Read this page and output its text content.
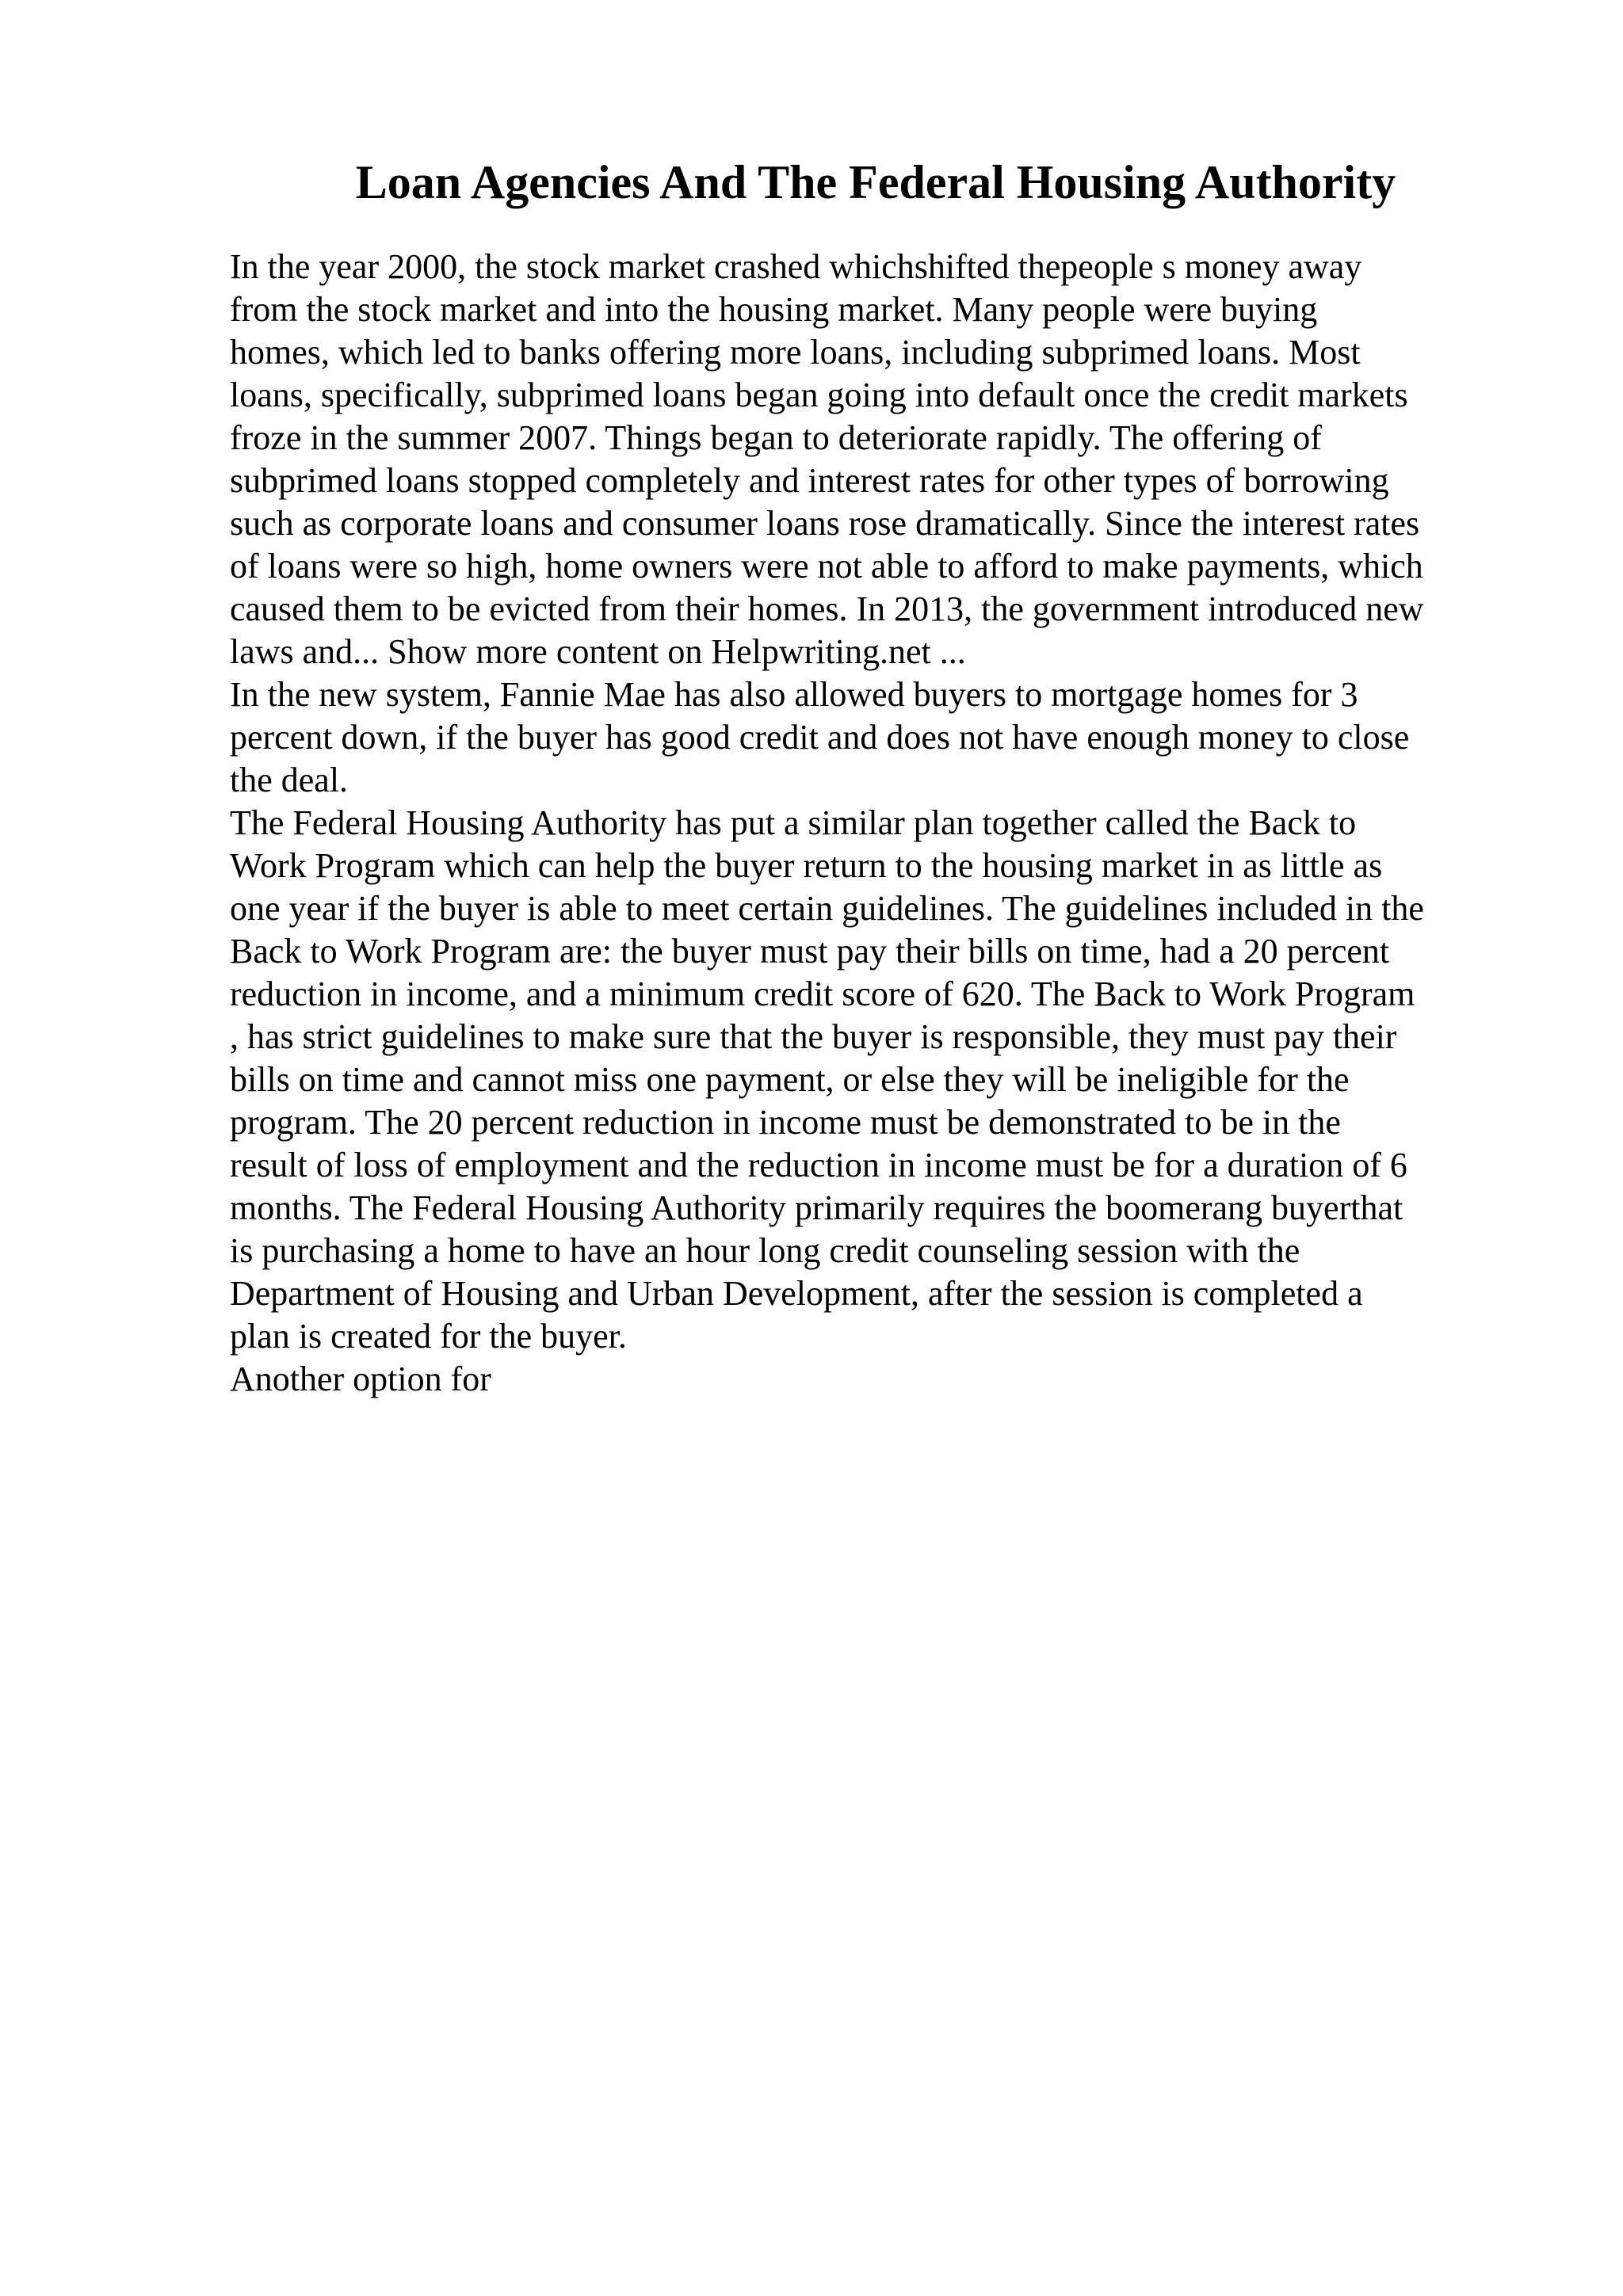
Loan Agencies And The Federal Housing Authority
In the year 2000, the stock market crashed whichshifted thepeople s money away
from the stock market and into the housing market. Many people were buying
homes, which led to banks offering more loans, including subprimed loans. Most
loans, specifically, subprimed loans began going into default once the credit markets
froze in the summer 2007. Things began to deteriorate rapidly. The offering of
subprimed loans stopped completely and interest rates for other types of borrowing
such as corporate loans and consumer loans rose dramatically. Since the interest rates
of loans were so high, home owners were not able to afford to make payments, which
caused them to be evicted from their homes. In 2013, the government introduced new
laws and... Show more content on Helpwriting.net ...
In the new system, Fannie Mae has also allowed buyers to mortgage homes for 3
percent down, if the buyer has good credit and does not have enough money to close
the deal.
The Federal Housing Authority has put a similar plan together called the Back to
Work Program which can help the buyer return to the housing market in as little as
one year if the buyer is able to meet certain guidelines. The guidelines included in the
Back to Work Program are: the buyer must pay their bills on time, had a 20 percent
reduction in income, and a minimum credit score of 620. The Back to Work Program
, has strict guidelines to make sure that the buyer is responsible, they must pay their
bills on time and cannot miss one payment, or else they will be ineligible for the
program. The 20 percent reduction in income must be demonstrated to be in the
result of loss of employment and the reduction in income must be for a duration of 6
months. The Federal Housing Authority primarily requires the boomerang buyerthat
is purchasing a home to have an hour long credit counseling session with the
Department of Housing and Urban Development, after the session is completed a
plan is created for the buyer.
Another option for
